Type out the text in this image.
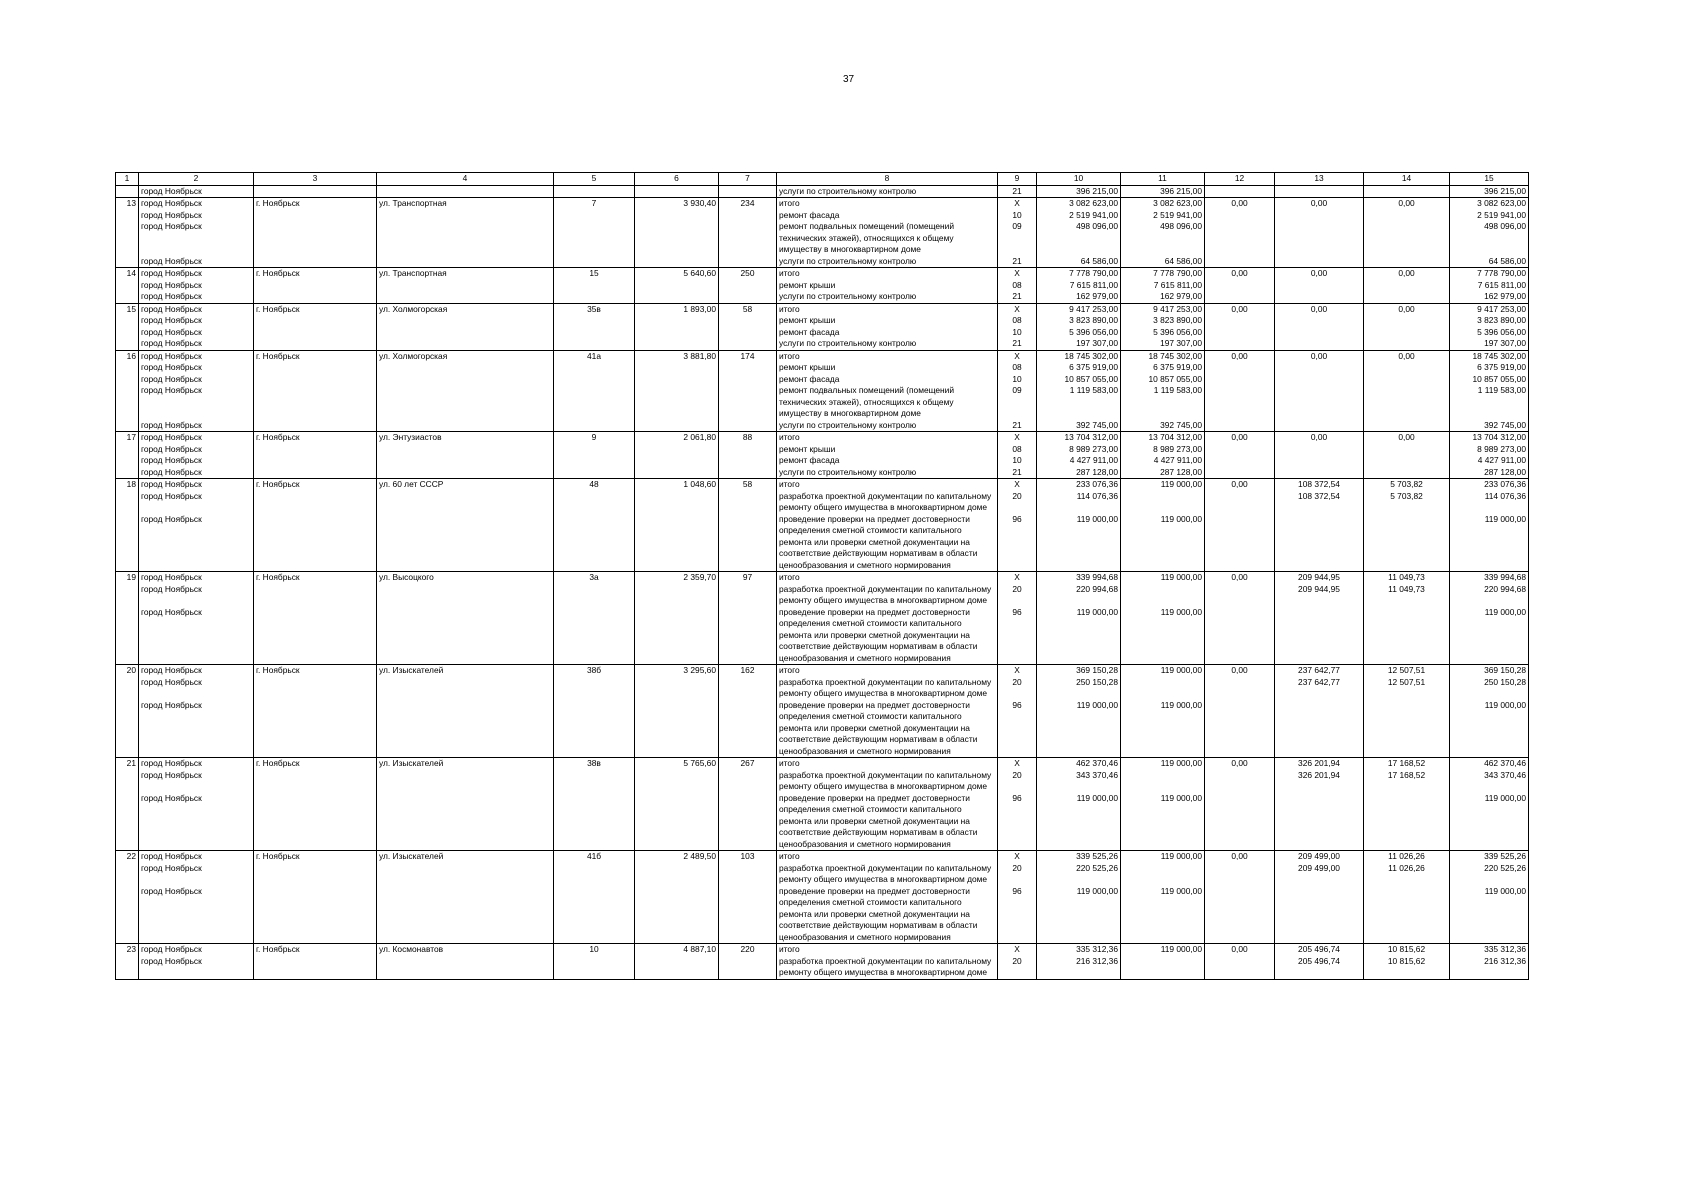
37
1	2	3	4	5	6	7	8	9	10	11	12	13	14	15
	город Ноябрьск						услуги по строительному контролю	21	396 215,00	396 215,00				396 215,00
13	город Ноябрьск	г. Ноябрьск	ул. Транспортная	7	3 930,40	234	итого	X	3 082 623,00	3 082 623,00	0,00	0,00	0,00	3 082 623,00
	город Ноябрьск						ремонт фасада	10	2 519 941,00	2 519 941,00				2 519 941,00
	город Ноябрьск						ремонт подвальных помещений (помещений технических этажей), относящихся к общему имуществу в многоквартирном доме	09	498 096,00	498 096,00				498 096,00
	город Ноябрьск						услуги по строительному контролю	21	64 586,00	64 586,00				64 586,00
14	город Ноябрьск	г. Ноябрьск	ул. Транспортная	15	5 640,60	250	итого	X	7 778 790,00	7 778 790,00	0,00	0,00	0,00	7 778 790,00
	город Ноябрьск						ремонт крыши	08	7 615 811,00	7 615 811,00				7 615 811,00
	город Ноябрьск						услуги по строительному контролю	21	162 979,00	162 979,00				162 979,00
15	город Ноябрьск	г. Ноябрьск	ул. Холмогорская	35в	1 893,00	58	итого	X	9 417 253,00	9 417 253,00	0,00	0,00	0,00	9 417 253,00
	город Ноябрьск						ремонт крыши	08	3 823 890,00	3 823 890,00				3 823 890,00
	город Ноябрьск						ремонт фасада	10	5 396 056,00	5 396 056,00				5 396 056,00
	город Ноябрьск						услуги по строительному контролю	21	197 307,00	197 307,00				197 307,00
16	город Ноябрьск	г. Ноябрьск	ул. Холмогорская	41а	3 881,80	174	итого	X	18 745 302,00	18 745 302,00	0,00	0,00	0,00	18 745 302,00
	город Ноябрьск						ремонт крыши	08	6 375 919,00	6 375 919,00				6 375 919,00
	город Ноябрьск						ремонт фасада	10	10 857 055,00	10 857 055,00				10 857 055,00
	город Ноябрьск						ремонт подвальных помещений (помещений технических этажей), относящихся к общему имуществу в многоквартирном доме	09	1 119 583,00	1 119 583,00				1 119 583,00
	город Ноябрьск						услуги по строительному контролю	21	392 745,00	392 745,00				392 745,00
17	город Ноябрьск	г. Ноябрьск	ул. Энтузиастов	9	2 061,80	88	итого	X	13 704 312,00	13 704 312,00	0,00	0,00	0,00	13 704 312,00
	город Ноябрьск						ремонт крыши	08	8 989 273,00	8 989 273,00				8 989 273,00
	город Ноябрьск						ремонт фасада	10	4 427 911,00	4 427 911,00				4 427 911,00
	город Ноябрьск						услуги по строительному контролю	21	287 128,00	287 128,00				287 128,00
18	город Ноябрьск	г. Ноябрьск	ул. 60 лет СССР	48	1 048,60	58	итого	X	233 076,36	119 000,00	0,00	108 372,54	5 703,82	233 076,36
	город Ноябрьск						разработка проектной документации по капитальному ремонту общего имущества в многоквартирном доме	20	114 076,36			108 372,54	5 703,82	114 076,36
	город Ноябрьск						проведение проверки на предмет достоверности определения сметной стоимости капитального ремонта или проверки сметной документации на соответствие действующим нормативам в области ценообразования и сметного нормирования	96	119 000,00	119 000,00				119 000,00
19	город Ноябрьск	г. Ноябрьск	ул. Высоцкого	3а	2 359,70	97	итого	X	339 994,68	119 000,00	0,00	209 944,95	11 049,73	339 994,68
	город Ноябрьск						разработка проектной документации по капитальному ремонту общего имущества в многоквартирном доме	20	220 994,68			209 944,95	11 049,73	220 994,68
	город Ноябрьск						проведение проверки на предмет достоверности определения сметной стоимости капитального ремонта или проверки сметной документации на соответствие действующим нормативам в области ценообразования и сметного нормирования	96	119 000,00	119 000,00				119 000,00
20	город Ноябрьск	г. Ноябрьск	ул. Изыскателей	38б	3 295,60	162	итого	X	369 150,28	119 000,00	0,00	237 642,77	12 507,51	369 150,28
	город Ноябрьск						разработка проектной документации по капитальному ремонту общего имущества в многоквартирном доме	20	250 150,28			237 642,77	12 507,51	250 150,28
	город Ноябрьск						проведение проверки на предмет достоверности определения сметной стоимости капитального ремонта или проверки сметной документации на соответствие действующим нормативам в области ценообразования и сметного нормирования	96	119 000,00	119 000,00				119 000,00
21	город Ноябрьск	г. Ноябрьск	ул. Изыскателей	38в	5 765,60	267	итого	X	462 370,46	119 000,00	0,00	326 201,94	17 168,52	462 370,46
	город Ноябрьск						разработка проектной документации по капитальному ремонту общего имущества в многоквартирном доме	20	343 370,46			326 201,94	17 168,52	343 370,46
	город Ноябрьск						проведение проверки на предмет достоверности определения сметной стоимости капитального ремонта или проверки сметной документации на соответствие действующим нормативам в области ценообразования и сметного нормирования	96	119 000,00	119 000,00				119 000,00
22	город Ноябрьск	г. Ноябрьск	ул. Изыскателей	41б	2 489,50	103	итого	X	339 525,26	119 000,00	0,00	209 499,00	11 026,26	339 525,26
	город Ноябрьск						разработка проектной документации по капитальному ремонту общего имущества в многоквартирном доме	20	220 525,26			209 499,00	11 026,26	220 525,26
	город Ноябрьск						проведение проверки на предмет достоверности определения сметной стоимости капитального ремонта или проверки сметной документации на соответствие действующим нормативам в области ценообразования и сметного нормирования	96	119 000,00	119 000,00				119 000,00
23	город Ноябрьск	г. Ноябрьск	ул. Космонавтов	10	4 887,10	220	итого	X	335 312,36	119 000,00	0,00	205 496,74	10 815,62	335 312,36
	город Ноябрьск						разработка проектной документации по капитальному ремонту общего имущества в многоквартирном доме	20	216 312,36			205 496,74	10 815,62	216 312,36
